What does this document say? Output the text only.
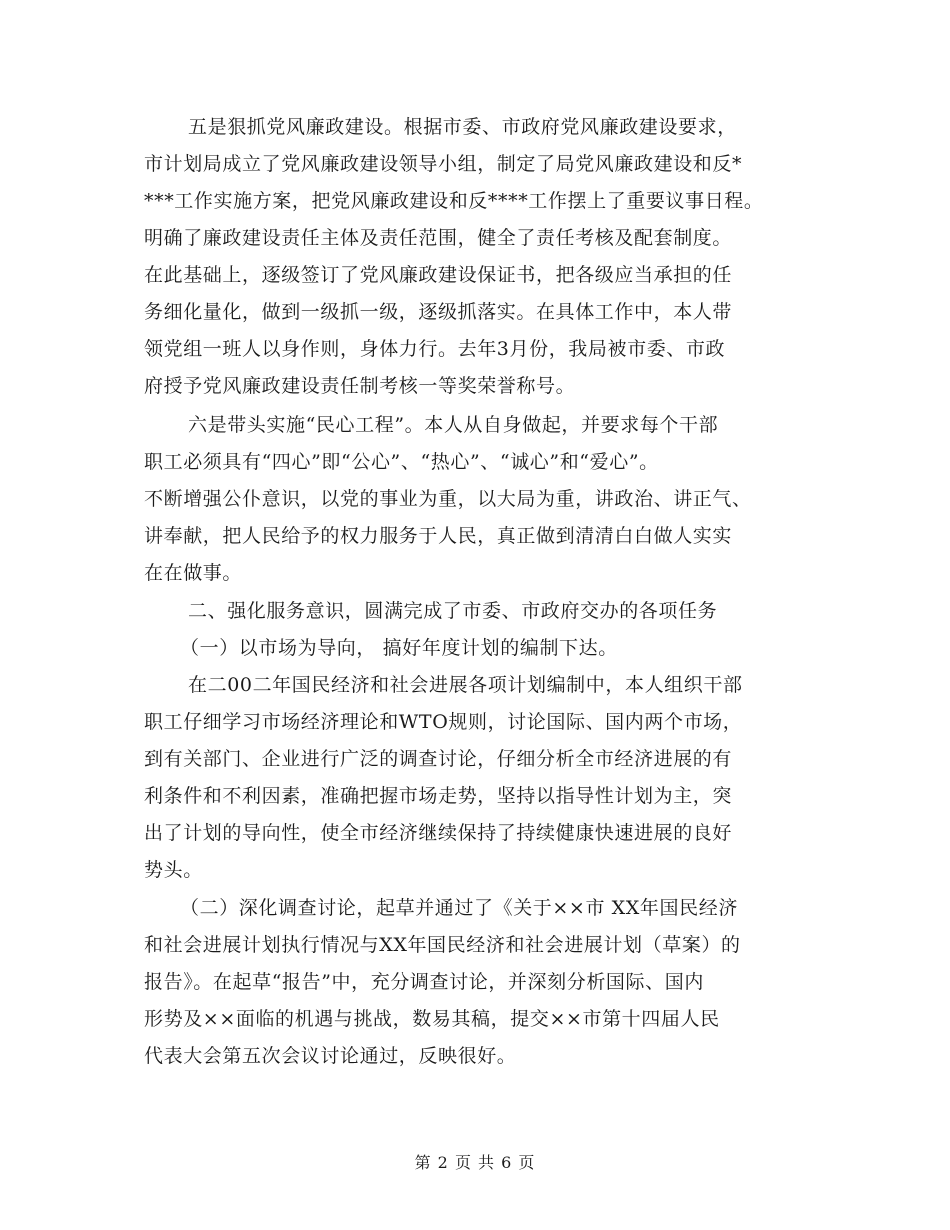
五是狠抓党风廉政建设。根据市委、市政府党风廉政建设要求，
市计划局成立了党风廉政建设领导小组，制定了局党风廉政建设和反*
***工作实施方案，把党风廉政建设和反****工作摆上了重要议事日程。
明确了廉政建设责任主体及责任范围，健全了责任考核及配套制度。
在此基础上，逐级签订了党风廉政建设保证书，把各级应当承担的任
务细化量化，做到一级抓一级，逐级抓落实。在具体工作中，本人带
领党组一班人以身作则，身体力行。去年3月份，我局被市委、市政
府授予党风廉政建设责任制考核一等奖荣誉称号。
六是带头实施“民心工程”。本人从自身做起，并要求每个干部
职工必须具有“四心”即“公心”、“热心”、“诚心”和“爱心”。
不断增强公仆意识，以党的事业为重，以大局为重，讲政治、讲正气、
讲奉献，把人民给予的权力服务于人民，真正做到清清白白做人实实
在在做事。
二、强化服务意识，圆满完成了市委、市政府交办的各项任务
（一）以市场为导向， 搞好年度计划的编制下达。
在二00二年国民经济和社会进展各项计划编制中，本人组织干部
职工仔细学习市场经济理论和WTO规则，讨论国际、国内两个市场，
到有关部门、企业进行广泛的调查讨论，仔细分析全市经济进展的有
利条件和不利因素，准确把握市场走势，坚持以指导性计划为主，突
出了计划的导向性，使全市经济继续保持了持续健康快速进展的良好
势头。
（二）深化调查讨论，起草并通过了《关于××市 XX年国民经济
和社会进展计划执行情况与XX年国民经济和社会进展计划（草案）的
报告》。在起草“报告”中，充分调查讨论，并深刻分析国际、国内
形势及××面临的机遇与挑战，数易其稿，提交××市第十四届人民
代表大会第五次会议讨论通过，反映很好。
第 2 页 共 6 页
